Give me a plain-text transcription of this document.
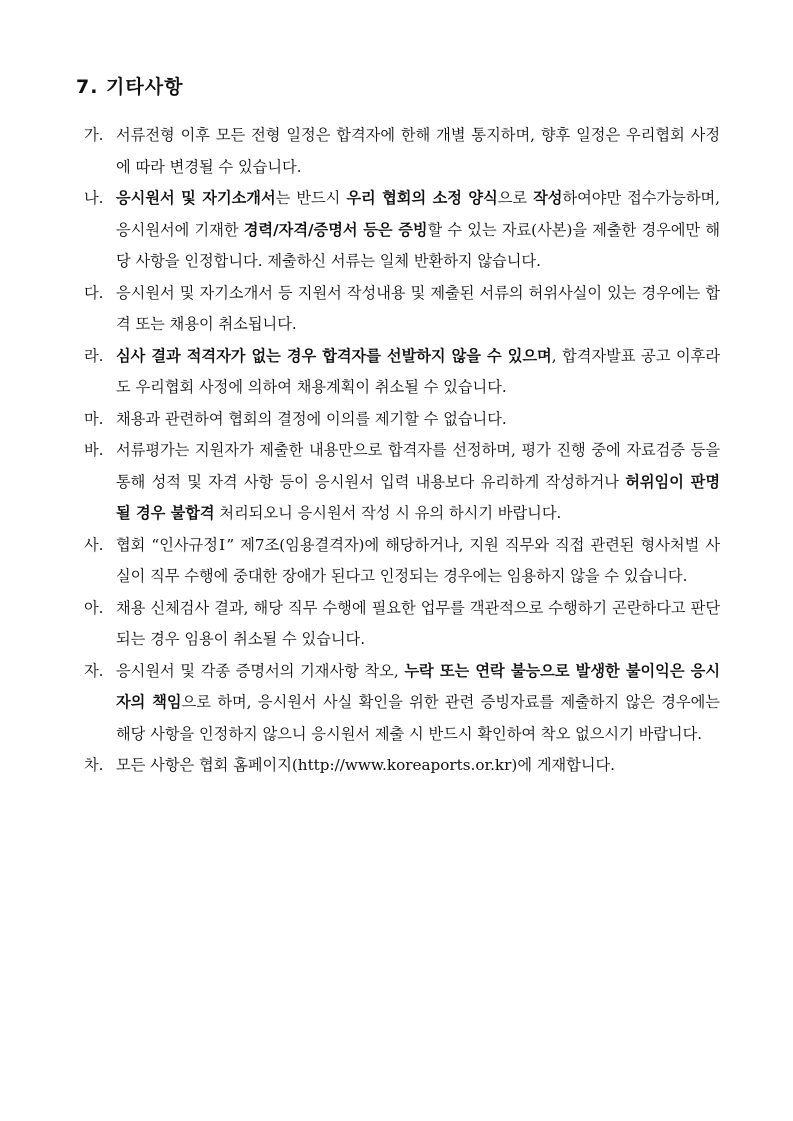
7. 기타사항
가. 서류전형 이후 모든 전형 일정은 합격자에 한해 개별 통지하며, 향후 일정은 우리협회 사정에 따라 변경될 수 있습니다.
나. 응시원서 및 자기소개서는 반드시 우리 협회의 소정 양식으로 작성하여야만 접수가능하며, 응시원서에 기재한 경력/자격/증명서 등은 증빙할 수 있는 자료(사본)을 제출한 경우에만 해당 사항을 인정합니다. 제출하신 서류는 일체 반환하지 않습니다.
다. 응시원서 및 자기소개서 등 지원서 작성내용 및 제출된 서류의 허위사실이 있는 경우에는 합격 또는 채용이 취소됩니다.
라. 심사 결과 적격자가 없는 경우 합격자를 선발하지 않을 수 있으며, 합격자발표 공고 이후라도 우리협회 사정에 의하여 채용계획이 취소될 수 있습니다.
마. 채용과 관련하여 협회의 결정에 이의를 제기할 수 없습니다.
바. 서류평가는 지원자가 제출한 내용만으로 합격자를 선정하며, 평가 진행 중에 자료검증 등을 통해 성적 및 자격 사항 등이 응시원서 입력 내용보다 유리하게 작성하거나 허위임이 판명 될 경우 불합격 처리되오니 응시원서 작성 시 유의 하시기 바랍니다.
사. 협회 “인사규정Ⅰ” 제7조(임용결격자)에 해당하거나, 지원 직무와 직접 관련된 형사처벌 사실이 직무 수행에 중대한 장애가 된다고 인정되는 경우에는 임용하지 않을 수 있습니다.
아. 채용 신체검사 결과, 해당 직무 수행에 필요한 업무를 객관적으로 수행하기 곤란하다고 판단되는 경우 임용이 취소될 수 있습니다.
자. 응시원서 및 각종 증명서의 기재사항 착오, 누락 또는 연락 불능으로 발생한 불이익은 응시자의 책임으로 하며, 응시원서 사실 확인을 위한 관련 증빙자료를 제출하지 않은 경우에는 해당 사항을 인정하지 않으니 응시원서 제출 시 반드시 확인하여 착오 없으시기 바랍니다.
차. 모든 사항은 협회 홈페이지(http://www.koreaports.or.kr)에 게재합니다.
